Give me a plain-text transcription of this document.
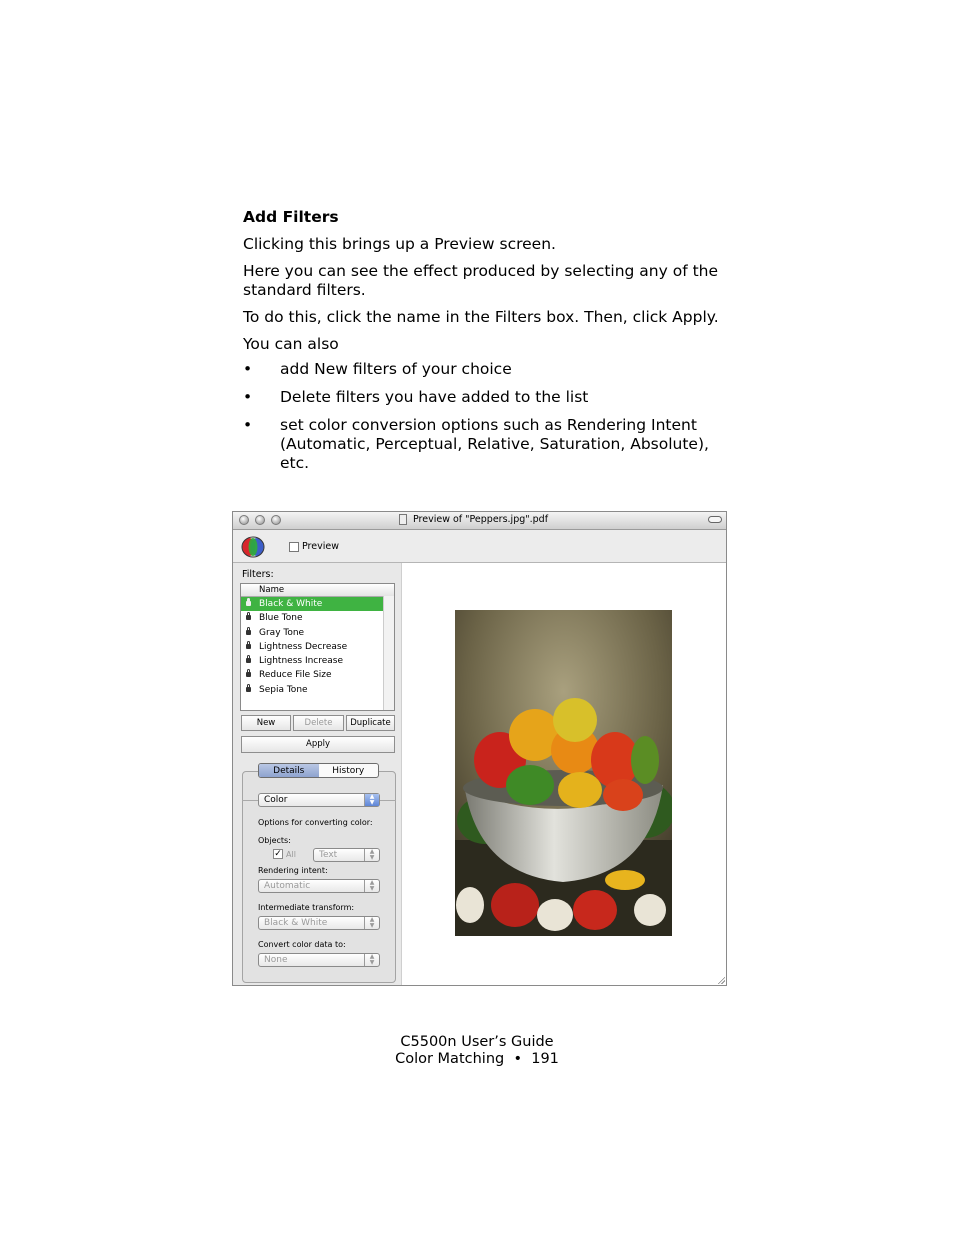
Add Filters

Clicking this brings up a Preview screen.

Here you can see the effect produced by selecting any of the standard filters.

To do this, click the name in the Filters box. Then, click Apply.

You can also

• add New filters of your choice
• Delete filters you have added to the list
• set color conversion options such as Rendering Intent (Automatic, Perceptual, Relative, Saturation, Absolute), etc.
Preview of "Peppers.jpg".pdf
Preview
Filters:
Name
Black & White
Blue Tone
Gray Tone
Lightness Decrease
Lightness Increase
Reduce File Size
Sepia Tone
New	Delete	Duplicate
Apply
Details	History
Color	▲
▼
Options for converting color:
Objects:
✓ All	Text	▲
▼
Rendering intent:
Automatic	▲
▼
Intermediate transform:
Black & White	▲
▼
Convert color data to:
None	▲
▼
C5500n User’s Guide
Color Matching • 191
